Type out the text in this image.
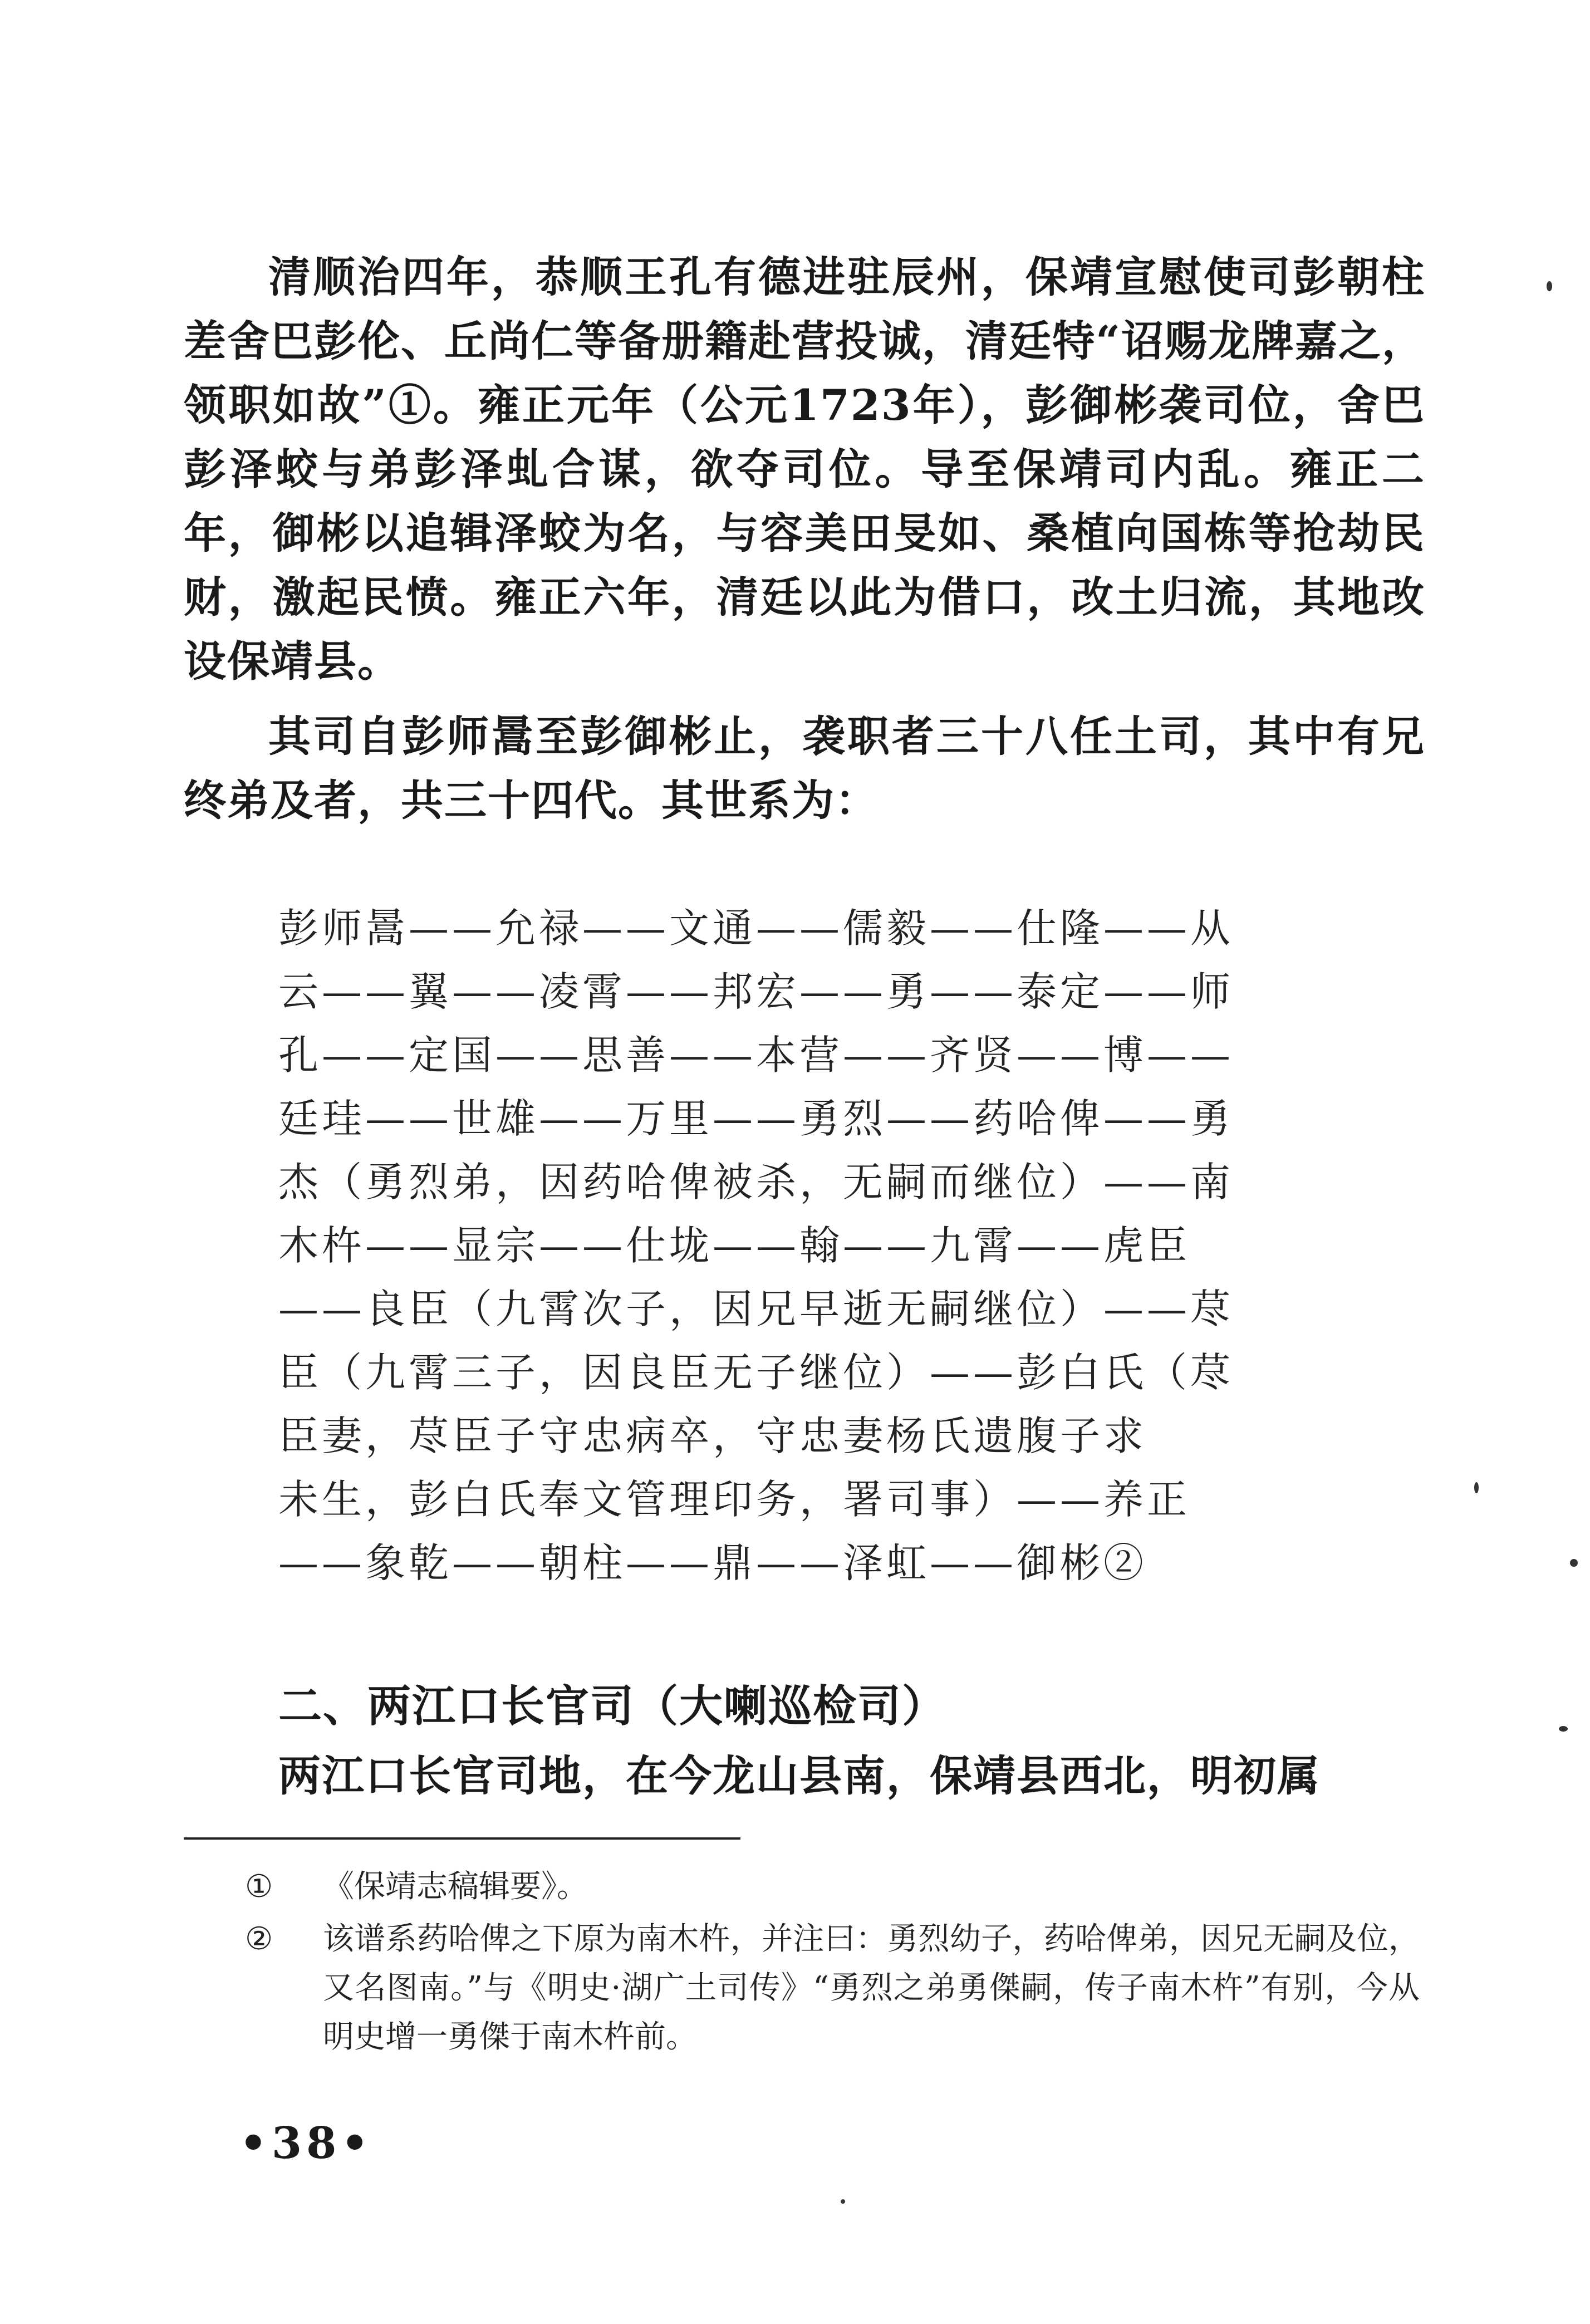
清顺治四年，恭顺王孔有德进驻辰州，保靖宣慰使司彭朝柱差舍巴彭伦、丘尚仁等备册籍赴营投诚，清廷特“诏赐龙牌嘉之，领职如故”①。雍正元年（公元1723年），彭御彬袭司位，舍巴彭泽蛟与弟彭泽虬合谋，欲夺司位。导至保靖司内乱。雍正二年，御彬以追辑泽蛟为名，与容美田旻如、桑植向国栋等抢劫民财，激起民愤。雍正六年，清廷以此为借口，改土归流，其地改设保靖县。

其司自彭师暠至彭御彬止，袭职者三十八任土司，其中有兄终弟及者，共三十四代。其世系为：

彭师暠——允禄——文通——儒毅——仕隆——从
云——翼——凌霄——邦宏——勇——泰定——师
孔——定国——思善——本营——齐贤——博——
廷珪——世雄——万里——勇烈——药哈俾——勇
杰（勇烈弟，因药哈俾被杀，无嗣而继位）——南
木杵——显宗——仕垅——翰——九霄——虎臣
——良臣（九霄次子，因兄早逝无嗣继位）——荩
臣（九霄三子，因良臣无子继位）——彭白氏（荩
臣妻，荩臣子守忠病卒，守忠妻杨氏遗腹子求
未生，彭白氏奉文管理印务，署司事）——养正
——象乾——朝柱——鼎——泽虹——御彬②
二、两江口长官司（大喇巡检司）
两江口长官司地，在今龙山县南，保靖县西北，明初属
①	《保靖志稿辑要》。
②	该谱系药哈俾之下原为南木杵，并注曰：勇烈幼子，药哈俾弟，因兄无嗣及位，又名图南。”与《明史·湖广土司传》“勇烈之弟勇傑嗣，传子南木杵”有别，今从明史增一勇傑于南木杵前。
•38•
